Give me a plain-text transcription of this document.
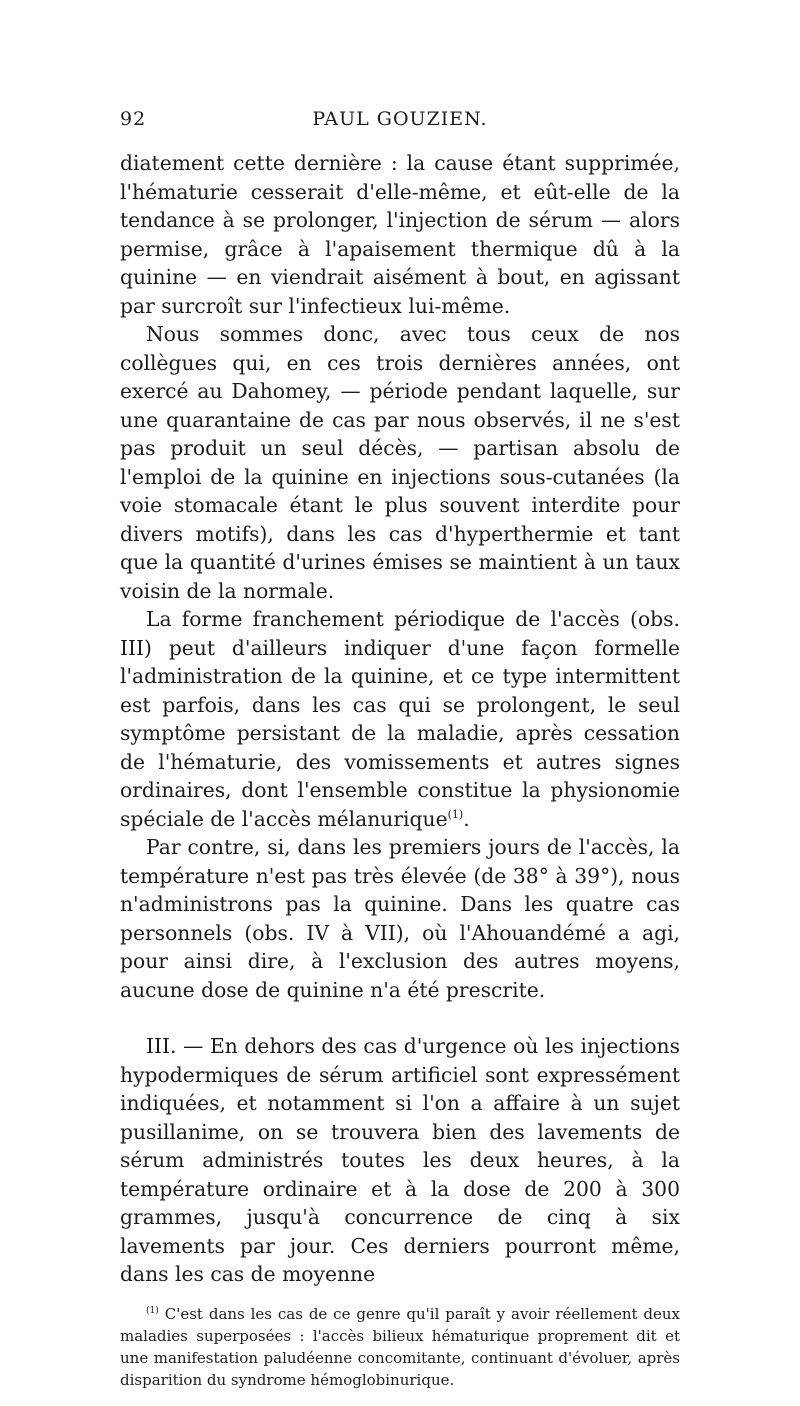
92	PAUL GOUZIEN.

diatement cette dernière : la cause étant supprimée, l'hématurie cesserait d'elle-même, et eût-elle de la tendance à se prolonger, l'injection de sérum — alors permise, grâce à l'apaisement thermique dû à la quinine — en viendrait aisément à bout, en agissant par surcroît sur l'infectieux lui-même.

Nous sommes donc, avec tous ceux de nos collègues qui, en ces trois dernières années, ont exercé au Dahomey, — période pendant laquelle, sur une quarantaine de cas par nous observés, il ne s'est pas produit un seul décès, — partisan absolu de l'emploi de la quinine en injections sous-cutanées (la voie stomacale étant le plus souvent interdite pour divers motifs), dans les cas d'hyperthermie et tant que la quantité d'urines émises se maintient à un taux voisin de la normale.

La forme franchement périodique de l'accès (obs. III) peut d'ailleurs indiquer d'une façon formelle l'administration de la quinine, et ce type intermittent est parfois, dans les cas qui se prolongent, le seul symptôme persistant de la maladie, après cessation de l'hématurie, des vomissements et autres signes ordinaires, dont l'ensemble constitue la physionomie spéciale de l'accès mélanurique$^{(1)}$.

Par contre, si, dans les premiers jours de l'accès, la température n'est pas très élevée (de 38° à 39°), nous n'administrons pas la quinine. Dans les quatre cas personnels (obs. IV à VII), où l'Ahouandémé a agi, pour ainsi dire, à l'exclusion des autres moyens, aucune dose de quinine n'a été prescrite.

III. — En dehors des cas d'urgence où les injections hypodermiques de sérum artificiel sont expressément indiquées, et notamment si l'on a affaire à un sujet pusillanime, on se trouvera bien des lavements de sérum administrés toutes les deux heures, à la température ordinaire et à la dose de 200 à 300 grammes, jusqu'à concurrence de cinq à six lavements par jour. Ces derniers pourront même, dans les cas de moyenne

$^{(1)}$ C'est dans les cas de ce genre qu'il paraît y avoir réellement deux maladies superposées : l'accès bilieux hématurique proprement dit et une manifestation paludéenne concomitante, continuant d'évoluer, après disparition du syndrome hémoglobinurique.
